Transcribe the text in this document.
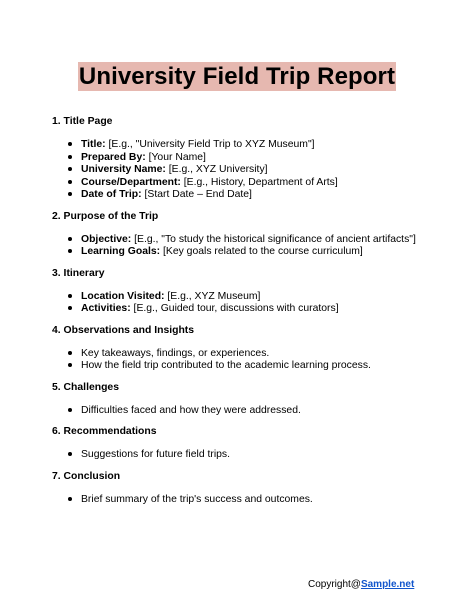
University Field Trip Report

1. Title Page

Title: [E.g., "University Field Trip to XYZ Museum"]
Prepared By: [Your Name]
University Name: [E.g., XYZ University]
Course/Department: [E.g., History, Department of Arts]
Date of Trip: [Start Date – End Date]

2. Purpose of the Trip

Objective: [E.g., "To study the historical significance of ancient artifacts"]
Learning Goals: [Key goals related to the course curriculum]

3. Itinerary

Location Visited: [E.g., XYZ Museum]
Activities: [E.g., Guided tour, discussions with curators]

4. Observations and Insights

Key takeaways, findings, or experiences.
How the field trip contributed to the academic learning process.

5. Challenges

Difficulties faced and how they were addressed.

6. Recommendations

Suggestions for future field trips.

7. Conclusion

Brief summary of the trip's success and outcomes.
Copyright@Sample.net
